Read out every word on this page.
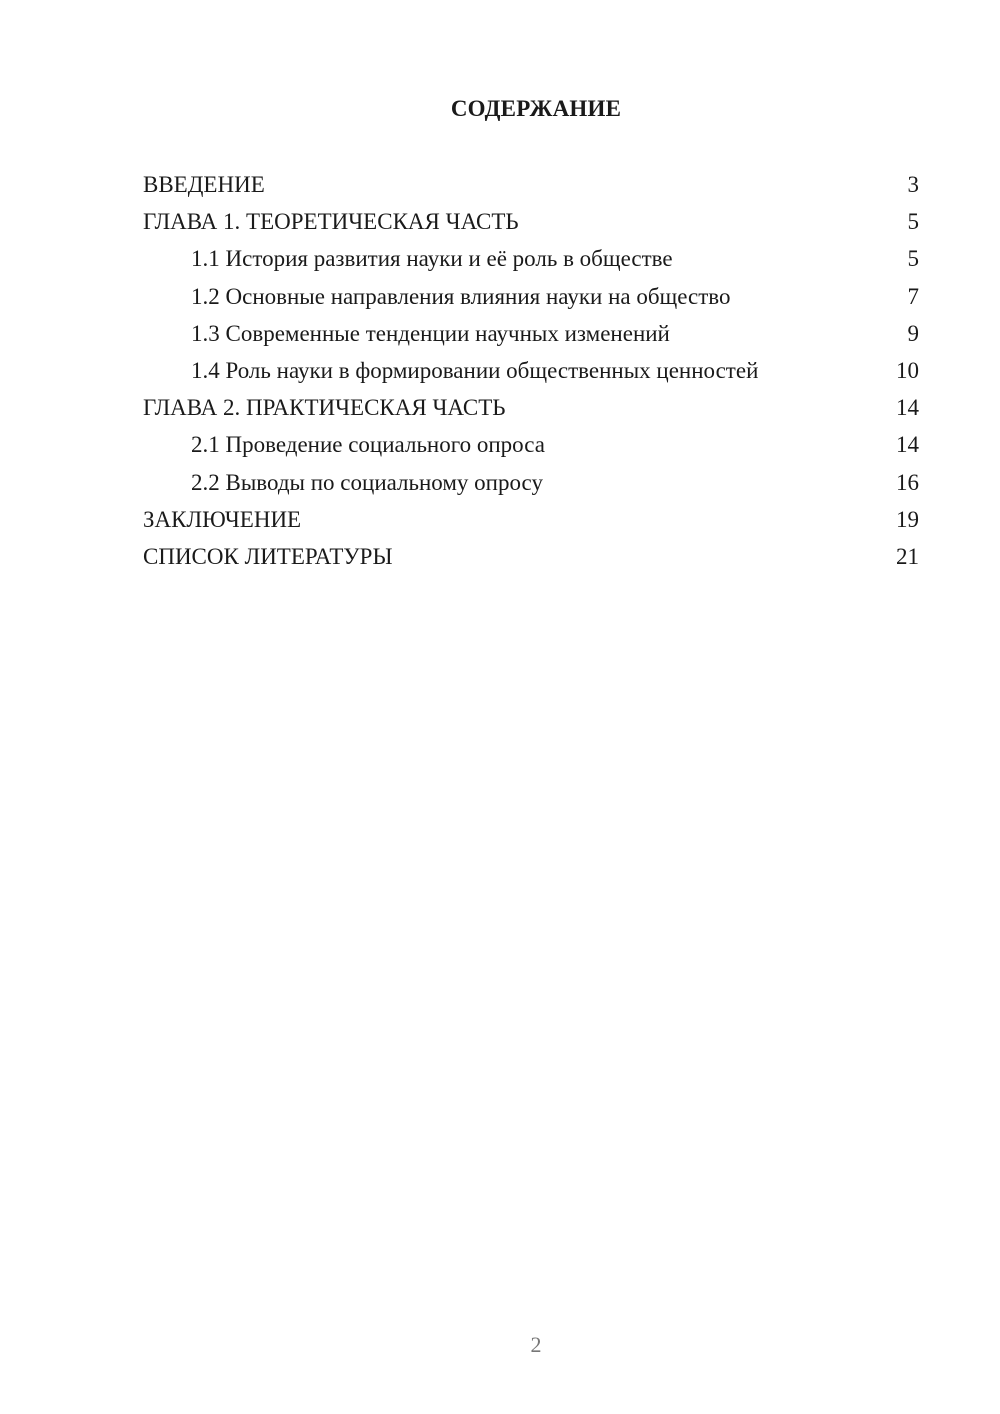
СОДЕРЖАНИЕ
ВВЕДЕНИЕ	3
ГЛАВА 1. ТЕОРЕТИЧЕСКАЯ ЧАСТЬ	5
1.1 История развития науки и её роль в обществе	5
1.2 Основные направления влияния науки на общество	7
1.3 Современные тенденции научных изменений	9
1.4 Роль науки в формировании общественных ценностей	10
ГЛАВА 2. ПРАКТИЧЕСКАЯ ЧАСТЬ	14
2.1 Проведение социального опроса	14
2.2 Выводы по социальному опросу	16
ЗАКЛЮЧЕНИЕ	19
СПИСОК ЛИТЕРАТУРЫ	21
2
